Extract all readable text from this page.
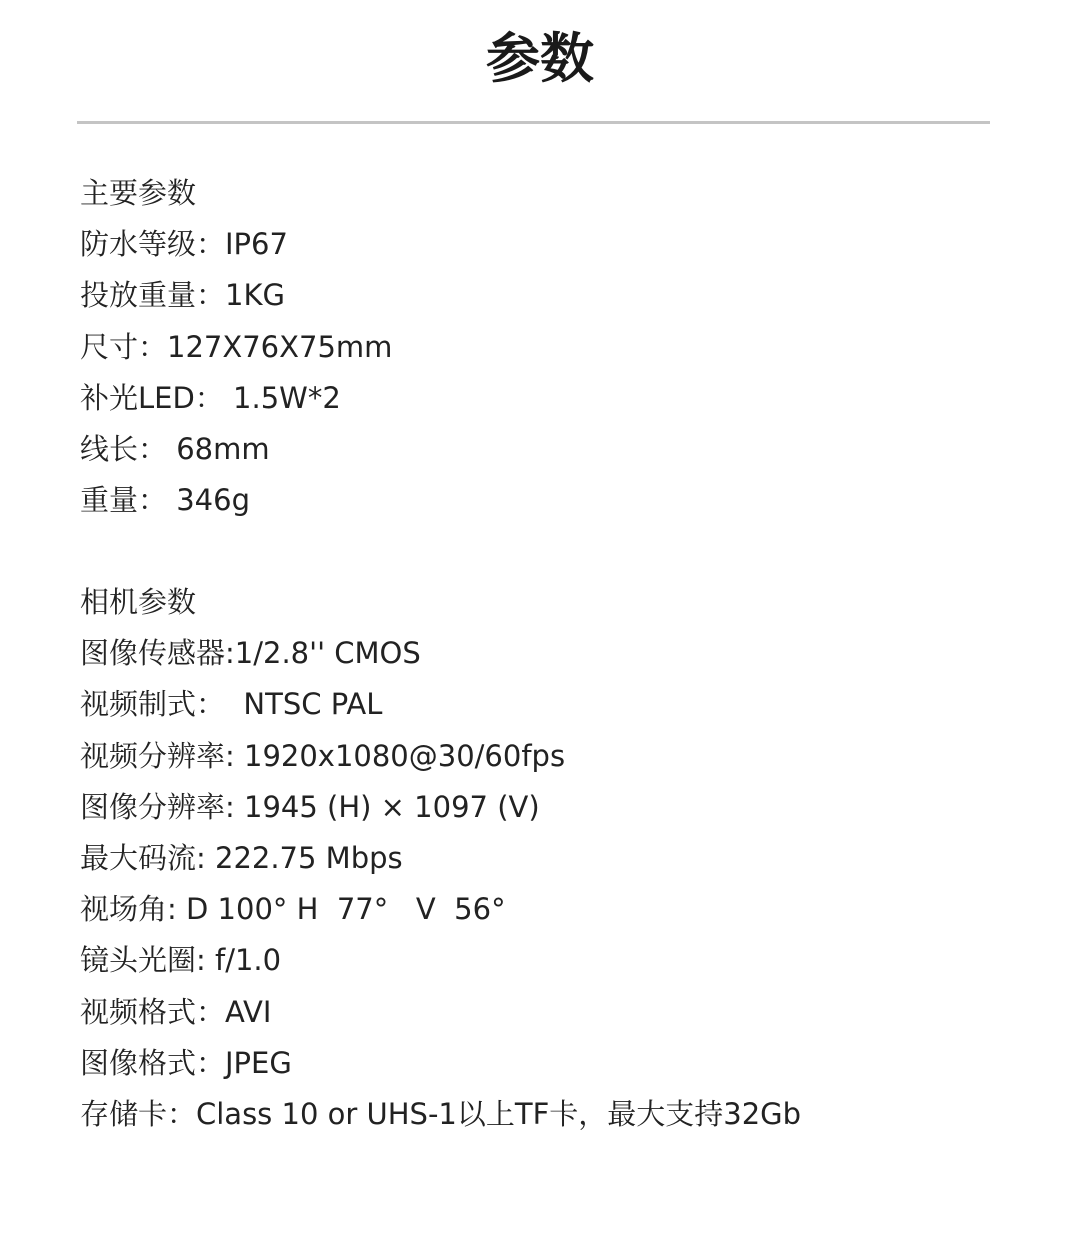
参数
主要参数
防水等级：IP67
投放重量：1KG
尺寸：127X76X75mm
补光LED： 1.5W*2
线长： 68mm
重量： 346g
相机参数
图像传感器:1/2.8'' CMOS
视频制式：  NTSC PAL
视频分辨率: 1920x1080@30/60fps
图像分辨率: 1945 (H) × 1097 (V)
最大码流: 222.75 Mbps
视场角: D 100° H  77°   V  56°
镜头光圈: f/1.0
视频格式：AVI
图像格式：JPEG
存储卡：Class 10 or UHS-1以上TF卡，最大支持32Gb
